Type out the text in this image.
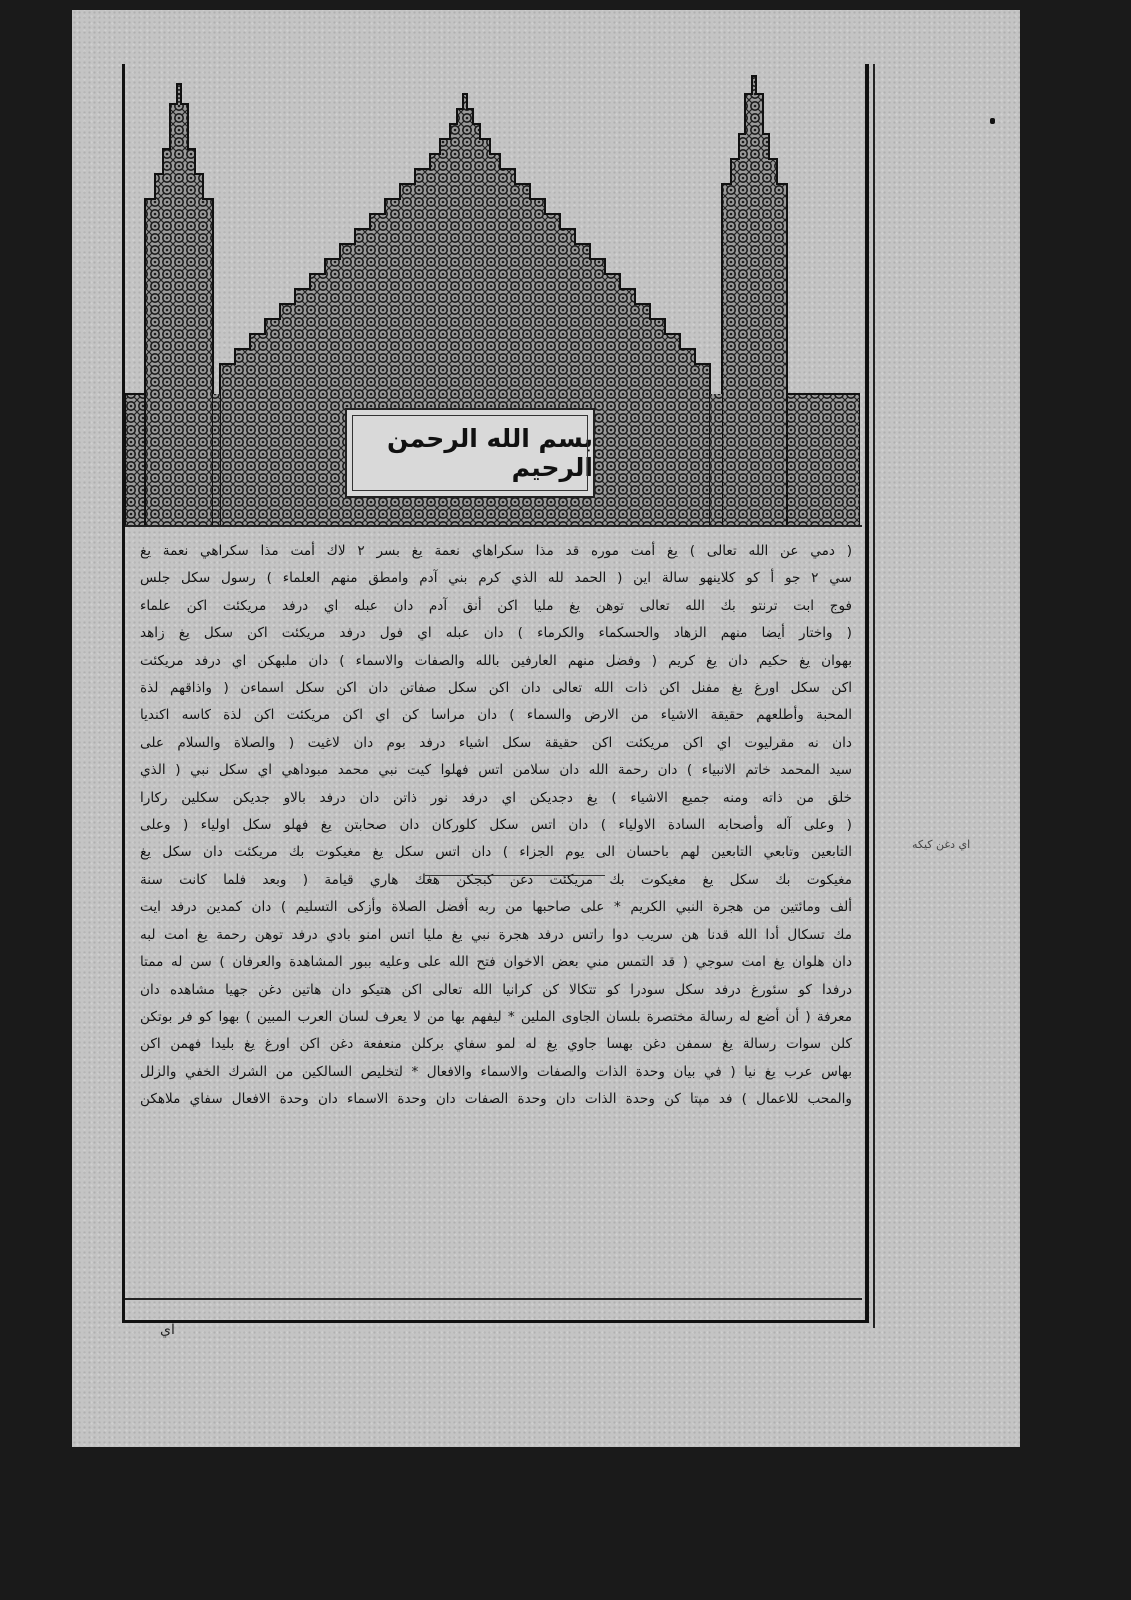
بسم الله الرحمن الرحيم

( دمي عن الله تعالى ) يغ أمت موره قد مذا سكراهاي نعمة يغ بسر ۲ لاك أمت مذا سكراهي نعمة يغ

سي ۲ جو أ كو كلاينهو سالة اين ( الحمد لله الذي كرم بني آدم وامطق منهم العلماء ) رسول سكل جلس

فوج ابت ترنتو بك الله تعالى توهن يغ مليا اكن أنق آدم دان عبله اي درفد مريكئت اكن علماء

( واختار أيضا منهم الزهاد والحسكماء والكرماء ) دان عبله اي فول درفد مريكئت اكن سكل يغ زاهد

بهوان يغ حكيم دان يغ كريم ( وفضل منهم العارفين بالله والصفات والاسماء ) دان ملبهكن اي درفد مريكئت

اكن سكل اورغ يغ مفنل اكن ذات الله تعالى دان اكن سكل صفاتن دان اكن سكل اسماءن ( واذاقهم لذة

المحبة وأطلعهم حقيقة الاشياء من الارض والسماء ) دان مراسا كن اي اكن مريكئت اكن لذة كاسه اكنديا

دان نه مقرليوت اي اكن مريكئت اكن حقيقة سكل اشياء درفد بوم دان لاغيت ( والصلاة والسلام على

سيد المحمد خاتم الانبياء ) دان رحمة الله دان سلامن اتس فهلوا كيت نبي محمد مبوداهي اي سكل نبي ( الذي

خلق من ذاته ومنه جميع الاشياء ) يغ دجديكن اي درفد نور ذاتن دان درفد بالاو جديكن سكلين ركارا

( وعلى آله وأصحابه السادة الاولياء ) دان اتس سكل كلوركان دان صحابتن يغ فهلو سكل اولياء ( وعلى

التابعين وتابعي التابعين لهم باحسان الى يوم الجزاء ) دان اتس سكل يغ مغيكوت بك مريكئت دان سكل يغ

مغيكوت بك سكل يغ مغيكوت بك مريكئت دغن كبجكن هغك هاري قيامة ( وبعد فلما كانت سنة

ألف ومائتين من هجرة النبي الكريم * على صاحبها من ربه أفضل الصلاة وأزكى التسليم ) دان كمدين درفد ايت

مك تسكال أدا الله قدنا هن سريب دوا راتس درفد هجرة نبي يغ مليا اتس امنو بادي درفد توهن رحمة يغ امت لبه

دان هلوان يغ امت سوجي ( قد التمس مني بعض الاخوان فتح الله على وعليه ببور المشاهدة والعرفان ) سن له ممتا

درفدا كو سئورغ درفد سكل سودرا كو تتكالا كن كرانيا الله تعالى اكن هتيكو دان هاتين دغن جهيا مشاهده دان

معرفة ( أن أضع له رسالة مختصرة بلسان الجاوى الملين * ليفهم بها من لا يعرف لسان العرب المبين ) بهوا كو فر بوتكن

كلن سوات رسالة يغ سمفن دغن بهسا جاوي يغ له لمو سفاي بركلن منعفعة دغن اكن اورغ يغ بليدا فهمن اكن

بهاس عرب يغ نيا ( في بيان وحدة الذات والصفات والاسماء والافعال * لتخليص السالكين من الشرك الخفي والزلل

والمحب للاعمال ) فد مپتا كن وحدة الذات دان وحدة الصفات دان وحدة الاسماء دان وحدة الافعال سفاي ملاهكن

اي دغن كيكه
اي
